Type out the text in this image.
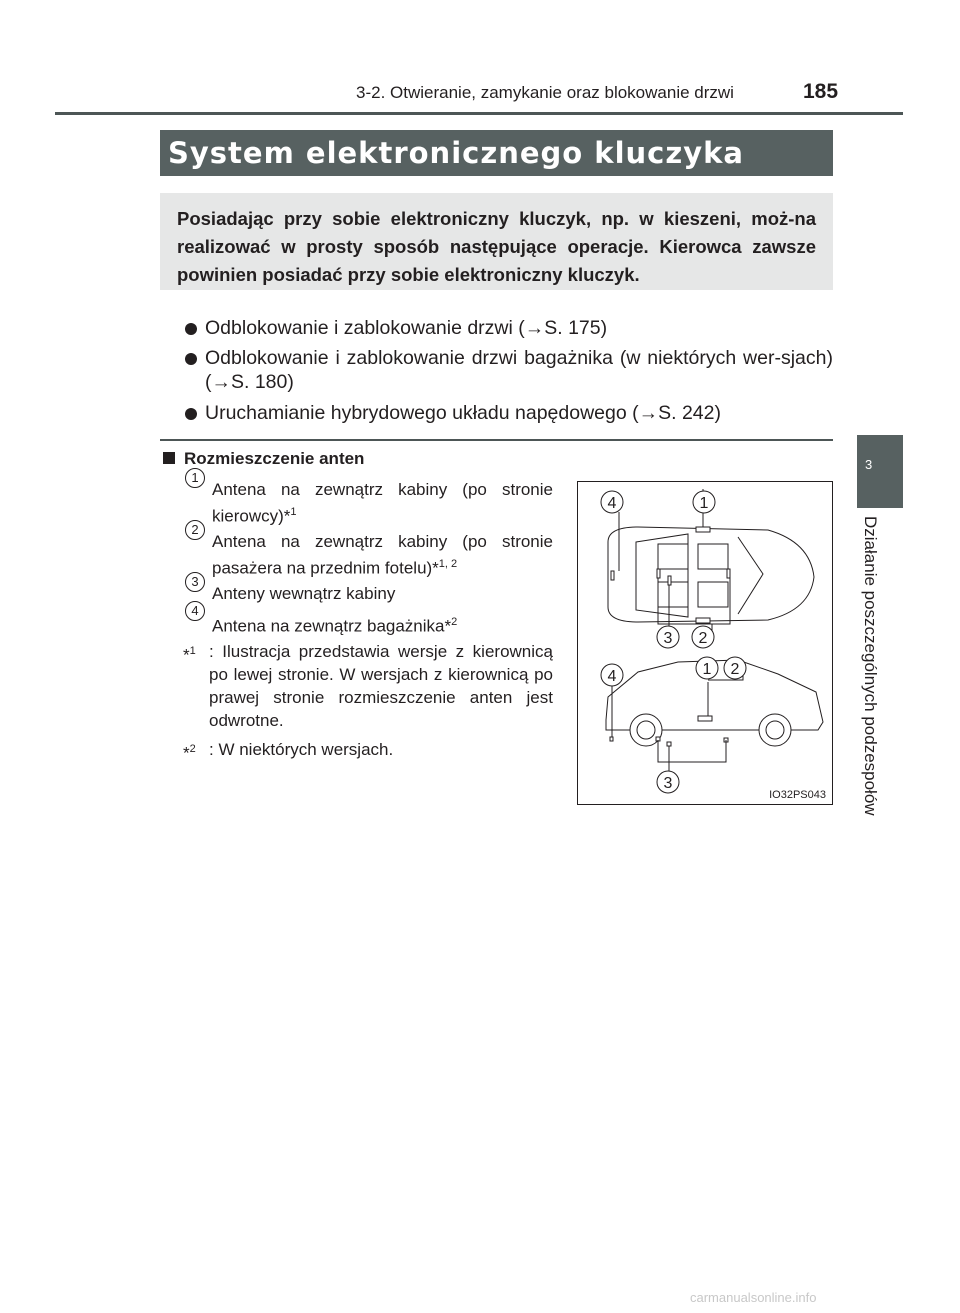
3-2. Otwieranie, zamykanie oraz blokowanie drzwi	185
System elektronicznego kluczyka
Posiadając przy sobie elektroniczny kluczyk, np. w kieszeni, moż-na realizować w prosty sposób następujące operacje. Kierowca zawsze powinien posiadać przy sobie elektroniczny kluczyk.
Odblokowanie i zablokowanie drzwi (→S. 175)
Odblokowanie i zablokowanie drzwi bagażnika (w niektórych wer-sjach) (→S. 180)
Uruchamianie hybrydowego układu napędowego (→S. 242)
Rozmieszczenie anten
1
Antena na zewnątrz kabiny (po stronie kierowcy)*$^1$
2
Antena na zewnątrz kabiny (po stronie pasażera na przednim fotelu)*$^{1, 2}$
3
Anteny wewnątrz kabiny
4
Antena na zewnątrz bagażnika*$^2$
*$^1$ : Ilustracja przedstawia wersje z kierownicą po lewej stronie. W wersjach z kierownicą po prawej stronie rozmieszczenie anten jest odwrotne.
*$^2$ : W niektórych wersjach.
4	1
3 2
4	1 2
3
IO32PS043
3
Działanie poszczególnych podzespołów
carmanualsonline.info
